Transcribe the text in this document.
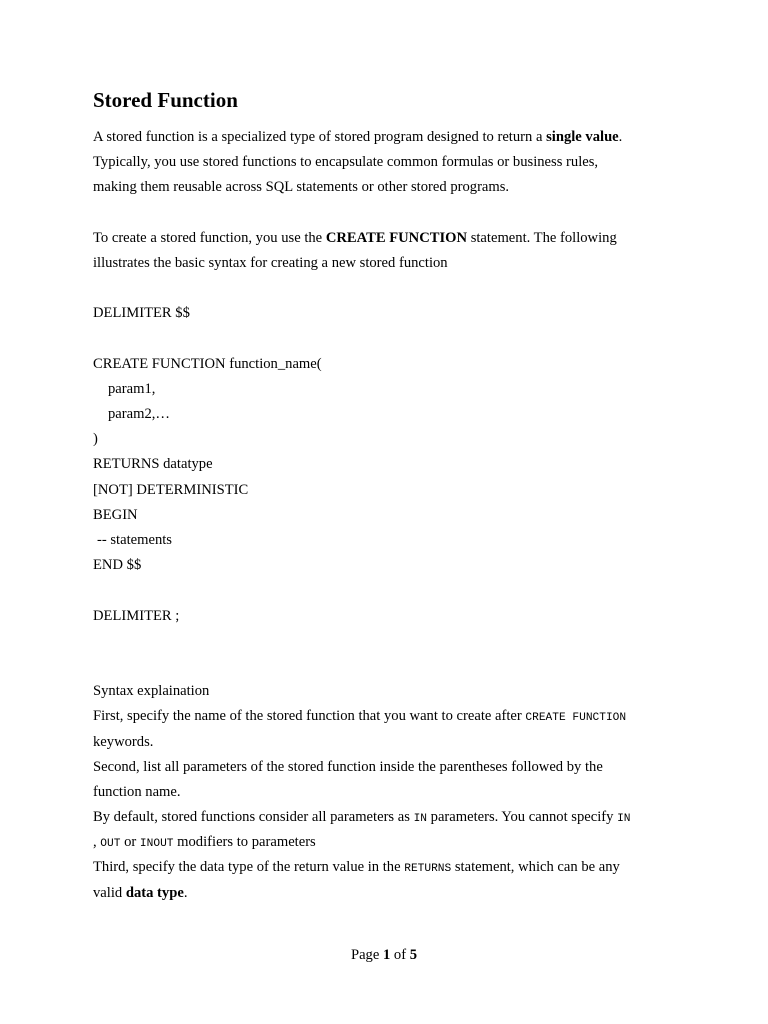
Stored Function
A stored function is a specialized type of stored program designed to return a single value.
Typically, you use stored functions to encapsulate common formulas or business rules,
making them reusable across SQL statements or other stored programs.
To create a stored function, you use the CREATE FUNCTION statement. The following
illustrates the basic syntax for creating a new stored function
DELIMITER $$
CREATE FUNCTION function_name(
param1,
param2,…
)
RETURNS datatype
[NOT] DETERMINISTIC
BEGIN
-- statements
END $$
DELIMITER ;
Syntax explaination
First, specify the name of the stored function that you want to create after CREATE FUNCTION
keywords.
Second, list all parameters of the stored function inside the parentheses followed by the
function name.
By default, stored functions consider all parameters as IN parameters. You cannot specify IN
, OUT or INOUT modifiers to parameters
Third, specify the data type of the return value in the RETURNS statement, which can be any
valid data type.
Page 1 of 5
